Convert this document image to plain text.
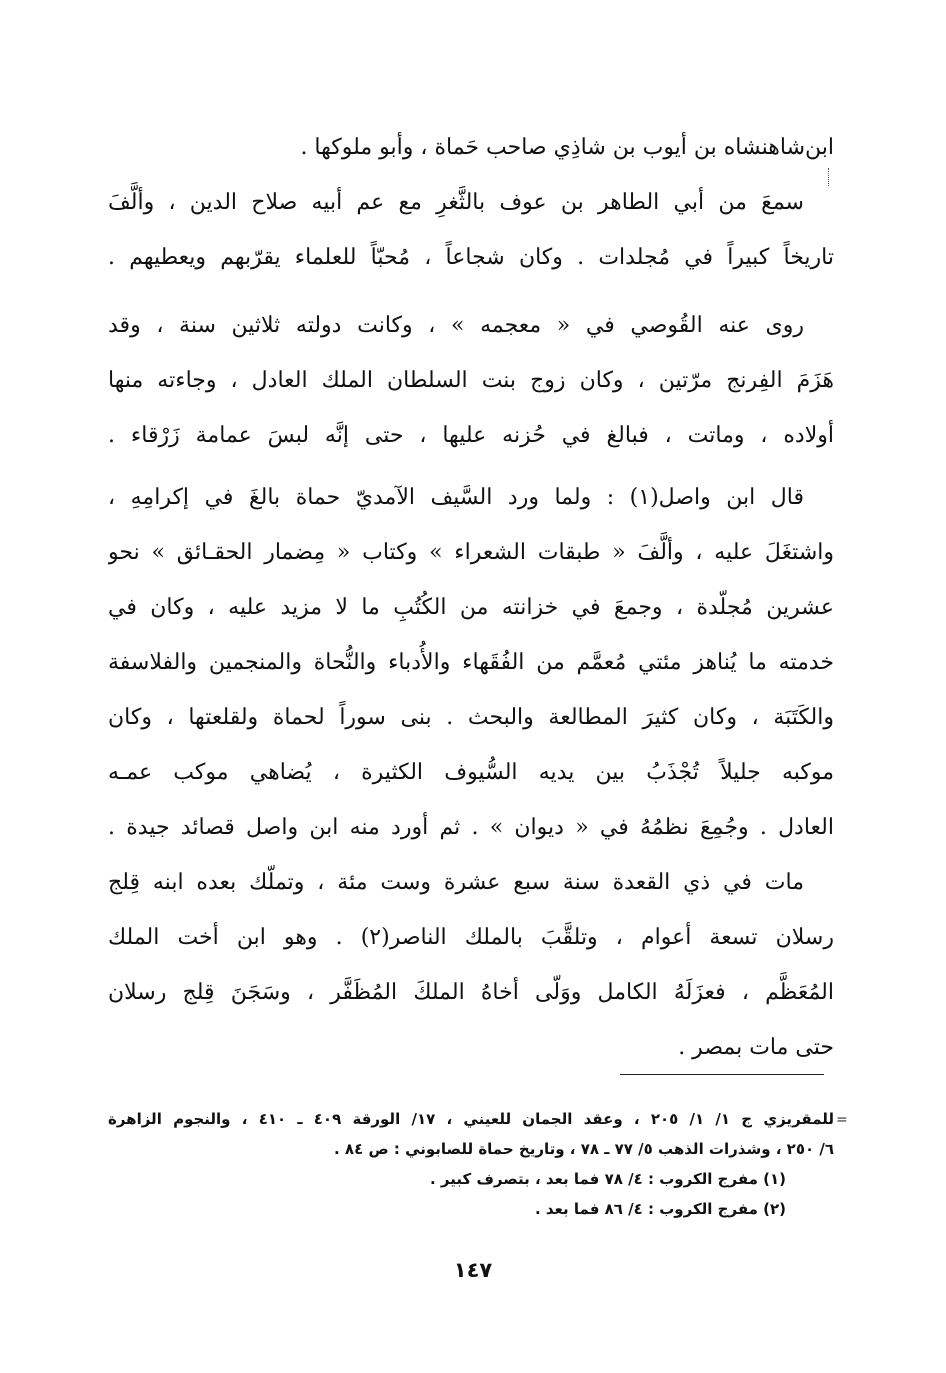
ابن‌شاهنشاه بن أيوب بن شاذِي صاحب حَماة ، وأبو ملوكها .
سمعَ من أبي الطاهر بن عوف بالثَّغرِ مع عم أبيه صلاح الدين ، وألَّفَ
تاريخاً كبيراً في مُجلدات . وكان شجاعاً ، مُحبّاً للعلماء يقرّبهم ويعطيهم .
روى عنه القُوصي في « معجمه » ، وكانت دولته ثلاثين سنة ، وقد
هَزَمَ الفِرنج مرّتين ، وكان زوج بنت السلطان الملك العادل ، وجاءته منها
أولاده ، وماتت ، فبالغ في حُزنه عليها ، حتى إنَّه لبسَ عمامة زَرْقاء .
قال ابن واصل(١) : ولما ورد السَّيف الآمديّ حماة بالغَ في إكرامِهِ ،
واشتغَلَ عليه ، وألَّفَ « طبقات الشعراء » وكتاب « مِضمار الحقـائق » نحو
عشرين مُجلّدة ، وجمعَ في خزانته من الكُتُبِ ما لا مزيد عليه ، وكان في
خدمته ما يُناهز مئتي مُعمَّم من الفُقَهاء والأُدباء والنُّحاة والمنجمين والفلاسفة
والكَتَبَة ، وكان كثيرَ المطالعة والبحث . بنى سوراً لحماة ولقلعتها ، وكان
موكبه جليلاً تُجْذَبُ بين يديه السُّيوف الكثيرة ، يُضاهي موكب عمـه
العادل . وجُمِعَ نظمُهُ في « ديوان » . ثم أورد منه ابن واصل قصائد جيدة .
مات في ذي القعدة سنة سبع عشرة وست مئة ، وتملّك بعده ابنه قِلج
رسلان تسعة أعوام ، وتلقَّبَ بالملك الناصر(٢) . وهو ابن أخت الملك
المُعَظَّم ، فعزَلَهُ الكامل ووَلّى أخاهُ الملكَ المُظَفَّر ، وسَجَنَ قِلج رسلان
حتى مات بمصر .
=
للمقريزي ج ١/ ١/ ٢٠٥ ، وعقد الجمان للعيني ، ١٧/ الورقة ٤٠٩ ـ ٤١٠ ، والنجوم الزاهرة
٦/ ٢٥٠ ، وشذرات الذهب ٥/ ٧٧ ـ ٧٨ ، وتاريخ حماة للصابوني : ص ٨٤ .
(١) مفرج الكروب : ٤/ ٧٨ فما بعد ، بتصرف كبير .
(٢) مفرج الكروب : ٤/ ٨٦ فما بعد .
١٤٧
